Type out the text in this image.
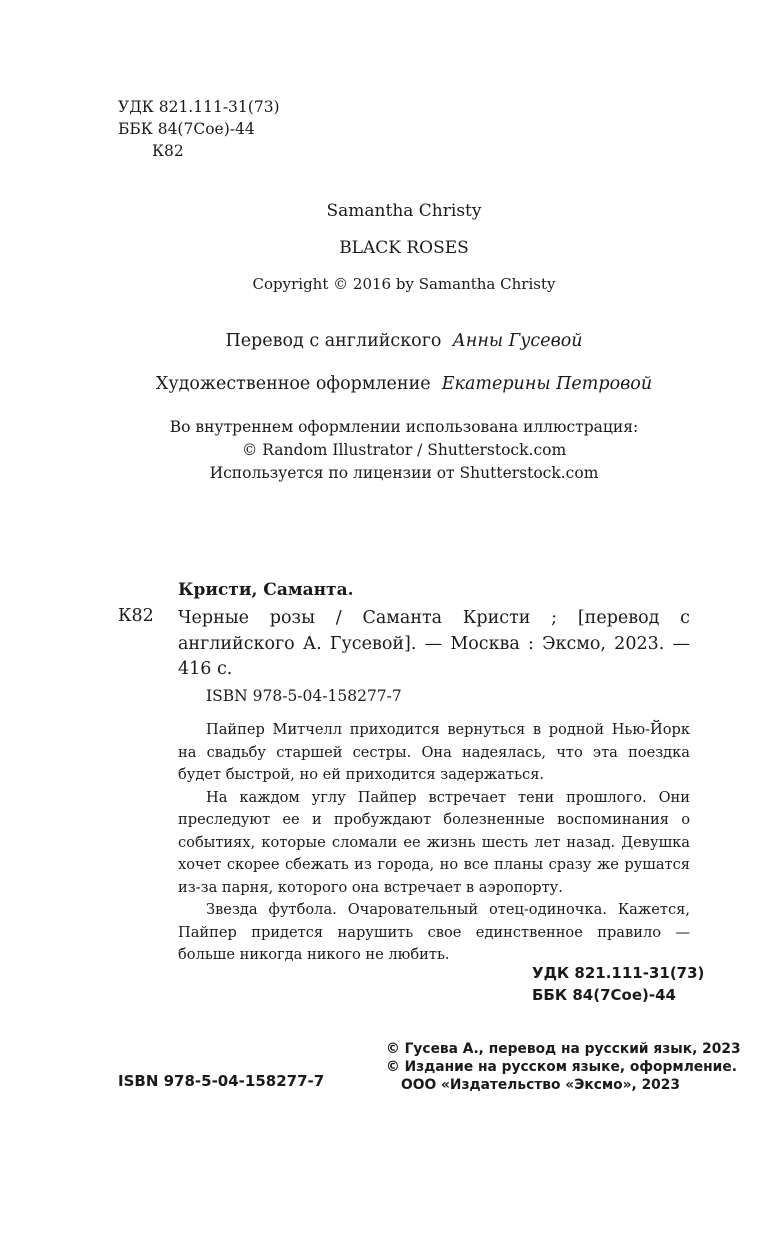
УДК 821.111-31(73)
ББК 84(7Сое)-44
К82
Samantha Christy
BLACK ROSES
Copyright © 2016 by Samantha Christy
Перевод с английского Анны Гусевой
Художественное оформление Екатерины Петровой
Во внутреннем оформлении использована иллюстрация:
© Random Illustrator / Shutterstock.com
Используется по лицензии от Shutterstock.com
Кристи, Саманта.
К82 Черные розы / Саманта Кристи ; [перевод с английского А. Гусевой]. — Москва : Эксмо, 2023. — 416 с.
ISBN 978-5-04-158277-7

Пайпер Митчелл приходится вернуться в родной Нью-Йорк на свадьбу старшей сестры. Она надеялась, что эта поездка будет быстрой, но ей приходится задержаться.

На каждом углу Пайпер встречает тени прошлого. Они преследуют ее и пробуждают болезненные воспоминания о событиях, которые сломали ее жизнь шесть лет назад. Девушка хочет скорее сбежать из города, но все планы сразу же рушатся из-за парня, которого она встречает в аэропорту.

Звезда футбола. Очаровательный отец-одиночка. Кажется, Пайпер придется нарушить свое единственное правило — больше никогда никого не любить.

УДК 821.111-31(73)
ББК 84(7Сое)-44
© Гусева А., перевод на русский язык, 2023
© Издание на русском языке, оформление.
ООО «Издательство «Эксмо», 2023
ISBN 978-5-04-158277-7
